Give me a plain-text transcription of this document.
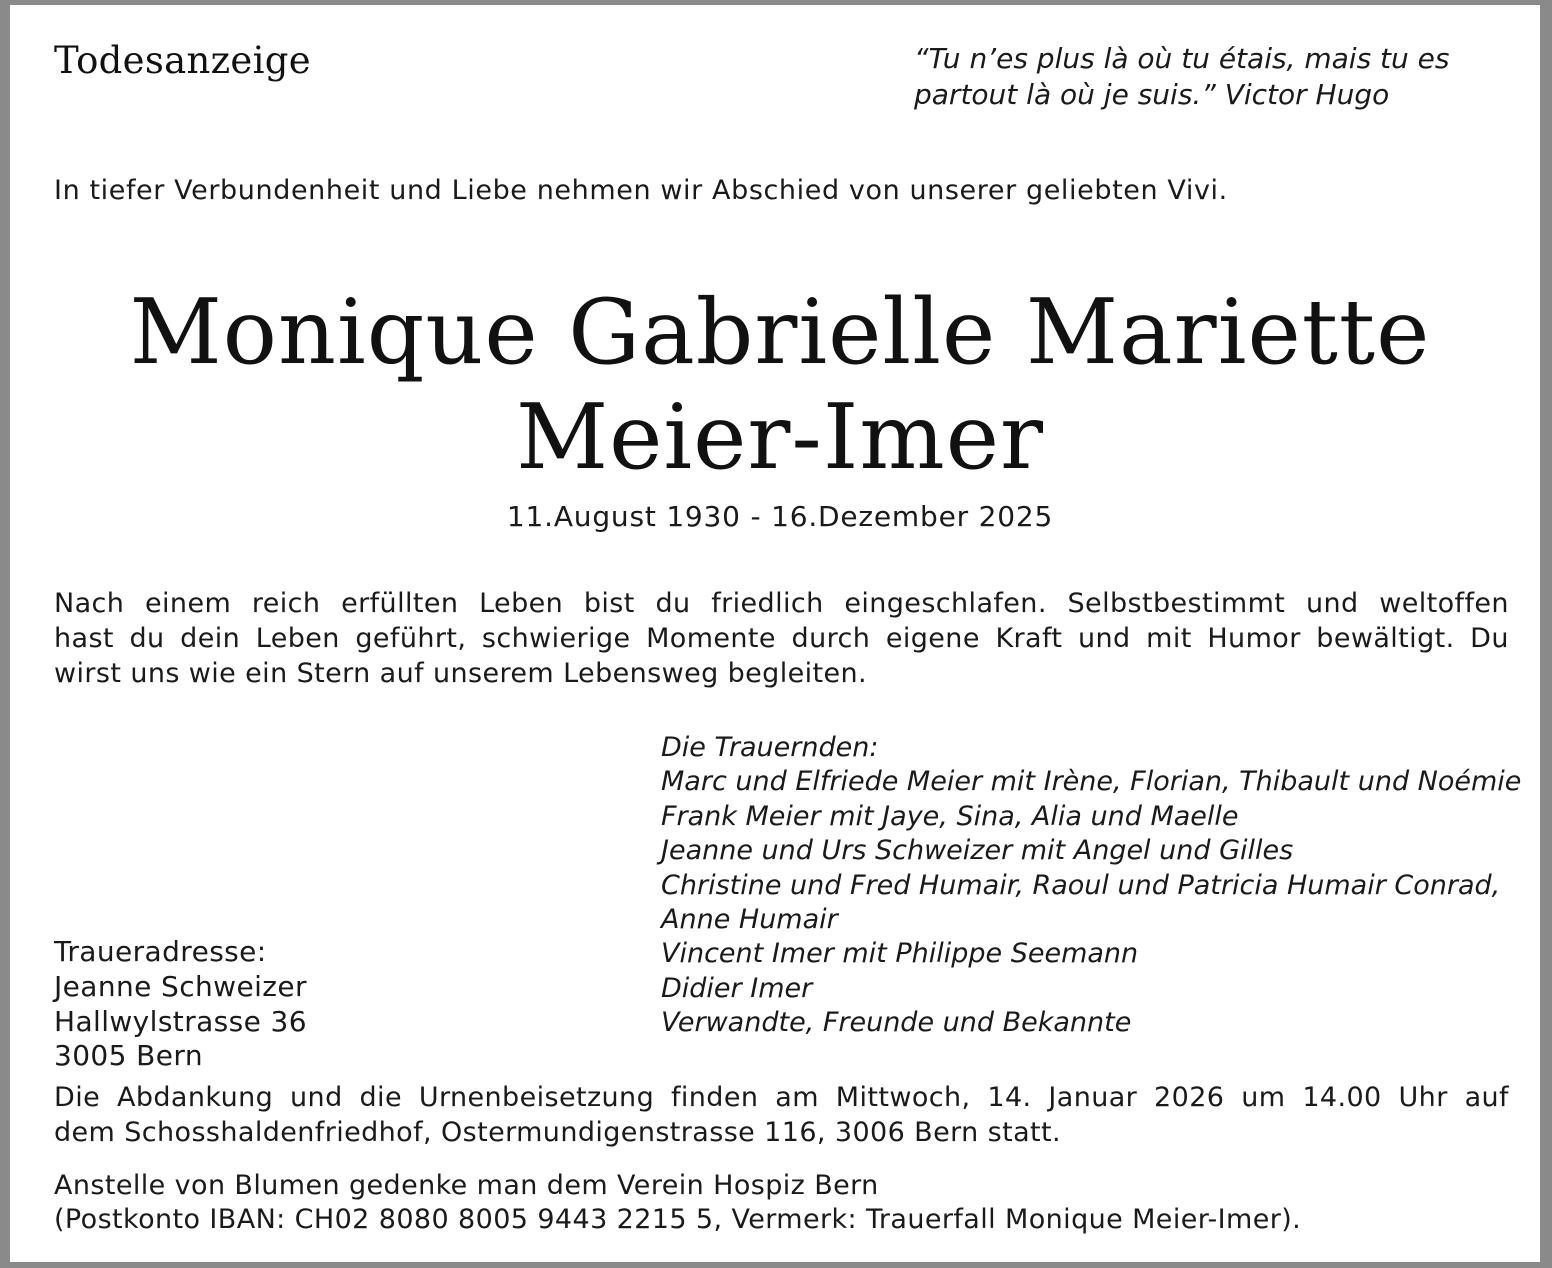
Todesanzeige	“Tu n’es plus là où tu étais, mais tu es
partout là où je suis.” Victor Hugo
In tiefer Verbundenheit und Liebe nehmen wir Abschied von unserer geliebten Vivi.
Monique Gabrielle Mariette
Meier-Imer
11.August 1930 - 16.Dezember 2025
Nach einem reich erfüllten Leben bist du friedlich eingeschlafen. Selbstbestimmt und weltoffen
hast du dein Leben geführt, schwierige Momente durch eigene Kraft und mit Humor bewältigt. Du
wirst uns wie ein Stern auf unserem Lebensweg begleiten.
Die Trauernden:
Marc und Elfriede Meier mit Irène, Florian, Thibault und Noémie
Frank Meier mit Jaye, Sina, Alia und Maelle
Jeanne und Urs Schweizer mit Angel und Gilles
Christine und Fred Humair, Raoul und Patricia Humair Conrad,
Anne Humair
Vincent Imer mit Philippe Seemann
Didier Imer
Verwandte, Freunde und Bekannte
Traueradresse:
Jeanne Schweizer
Hallwylstrasse 36
3005 Bern
Die Abdankung und die Urnenbeisetzung finden am Mittwoch, 14. Januar 2026 um 14.00 Uhr auf
dem Schosshaldenfriedhof, Ostermundigenstrasse 116, 3006 Bern statt.
Anstelle von Blumen gedenke man dem Verein Hospiz Bern
(Postkonto IBAN: CH02 8080 8005 9443 2215 5, Vermerk: Trauerfall Monique Meier-Imer).
